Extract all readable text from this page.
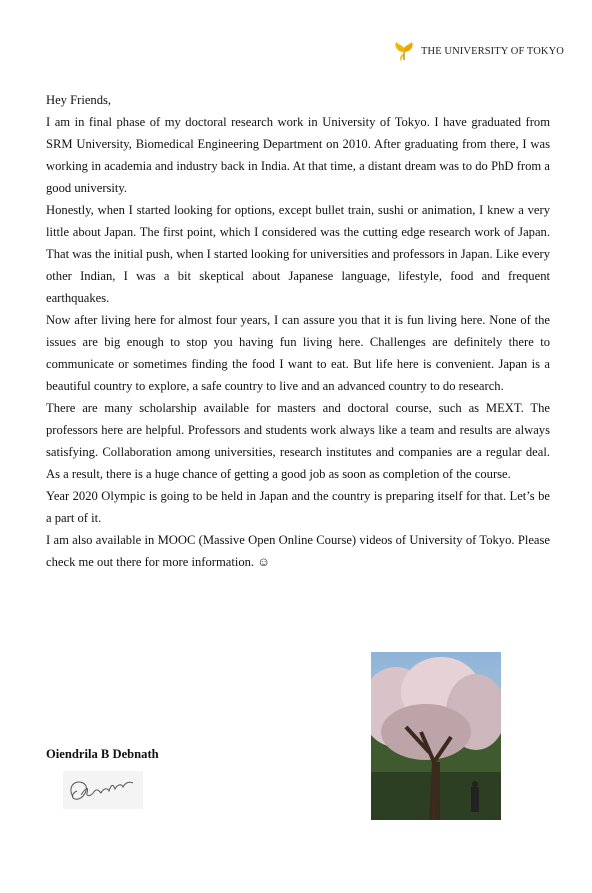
THE UNIVERSITY OF TOKYO

Hey Friends,

I am in final phase of my doctoral research work in University of Tokyo. I have graduated from SRM University, Biomedical Engineering Department on 2010. After graduating from there, I was working in academia and industry back in India. At that time, a distant dream was to do PhD from a good university.

Honestly, when I started looking for options, except bullet train, sushi or animation, I knew a very little about Japan. The first point, which I considered was the cutting edge research work of Japan. That was the initial push, when I started looking for universities and professors in Japan. Like every other Indian, I was a bit skeptical about Japanese language, lifestyle, food and frequent earthquakes.

Now after living here for almost four years, I can assure you that it is fun living here. None of the issues are big enough to stop you having fun living here. Challenges are definitely there to communicate or sometimes finding the food I want to eat. But life here is convenient. Japan is a beautiful country to explore, a safe country to live and an advanced country to do research.

There are many scholarship available for masters and doctoral course, such as MEXT. The professors here are helpful. Professors and students work always like a team and results are always satisfying. Collaboration among universities, research institutes and companies are a regular deal. As a result, there is a huge chance of getting a good job as soon as completion of the course.

Year 2020 Olympic is going to be held in Japan and the country is preparing itself for that. Let’s be a part of it.

I am also available in MOOC (Massive Open Online Course) videos of University of Tokyo. Please check me out there for more information. ☺

Oiendrila B Debnath
